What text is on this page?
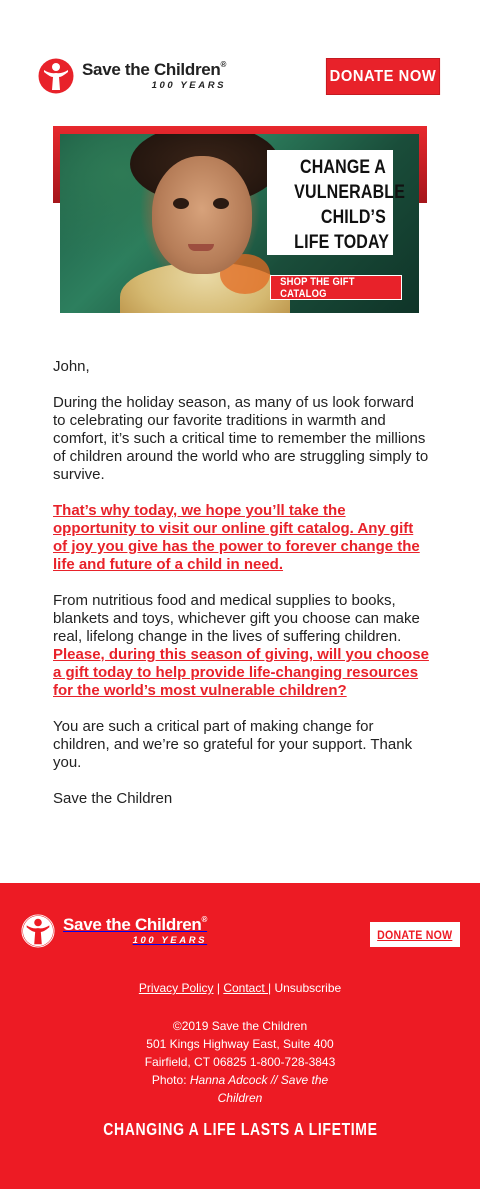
Save the Children®
100 YEARS
DONATE NOW
CHANGE A
VULNERABLE
CHILD’S
LIFE TODAY
SHOP THE GIFT CATALOG

John,

During the holiday season, as many of us look forward to celebrating our favorite traditions in warmth and comfort, it’s such a critical time to remember the millions of children around the world who are struggling simply to survive.

That’s why today, we hope you’ll take the opportunity to visit our online gift catalog. Any gift of joy you give has the power to forever change the life and future of a child in need.

From nutritious food and medical supplies to books, blankets and toys, whichever gift you choose can make real, lifelong change in the lives of suffering children. Please, during this season of giving, will you choose a gift today to help provide life-changing resources for the world’s most vulnerable children?

You are such a critical part of making change for children, and we’re so grateful for your support. Thank you.

Save the Children

Save the Children®
100 YEARS	DONATE NOW
Privacy Policy | Contact | Unsubscribe
©2019 Save the Children
501 Kings Highway East, Suite 400
Fairfield, CT 06825 1-800-728-3843
Photo: Hanna Adcock // Save the Children
CHANGING A LIFE LASTS A LIFETIME
